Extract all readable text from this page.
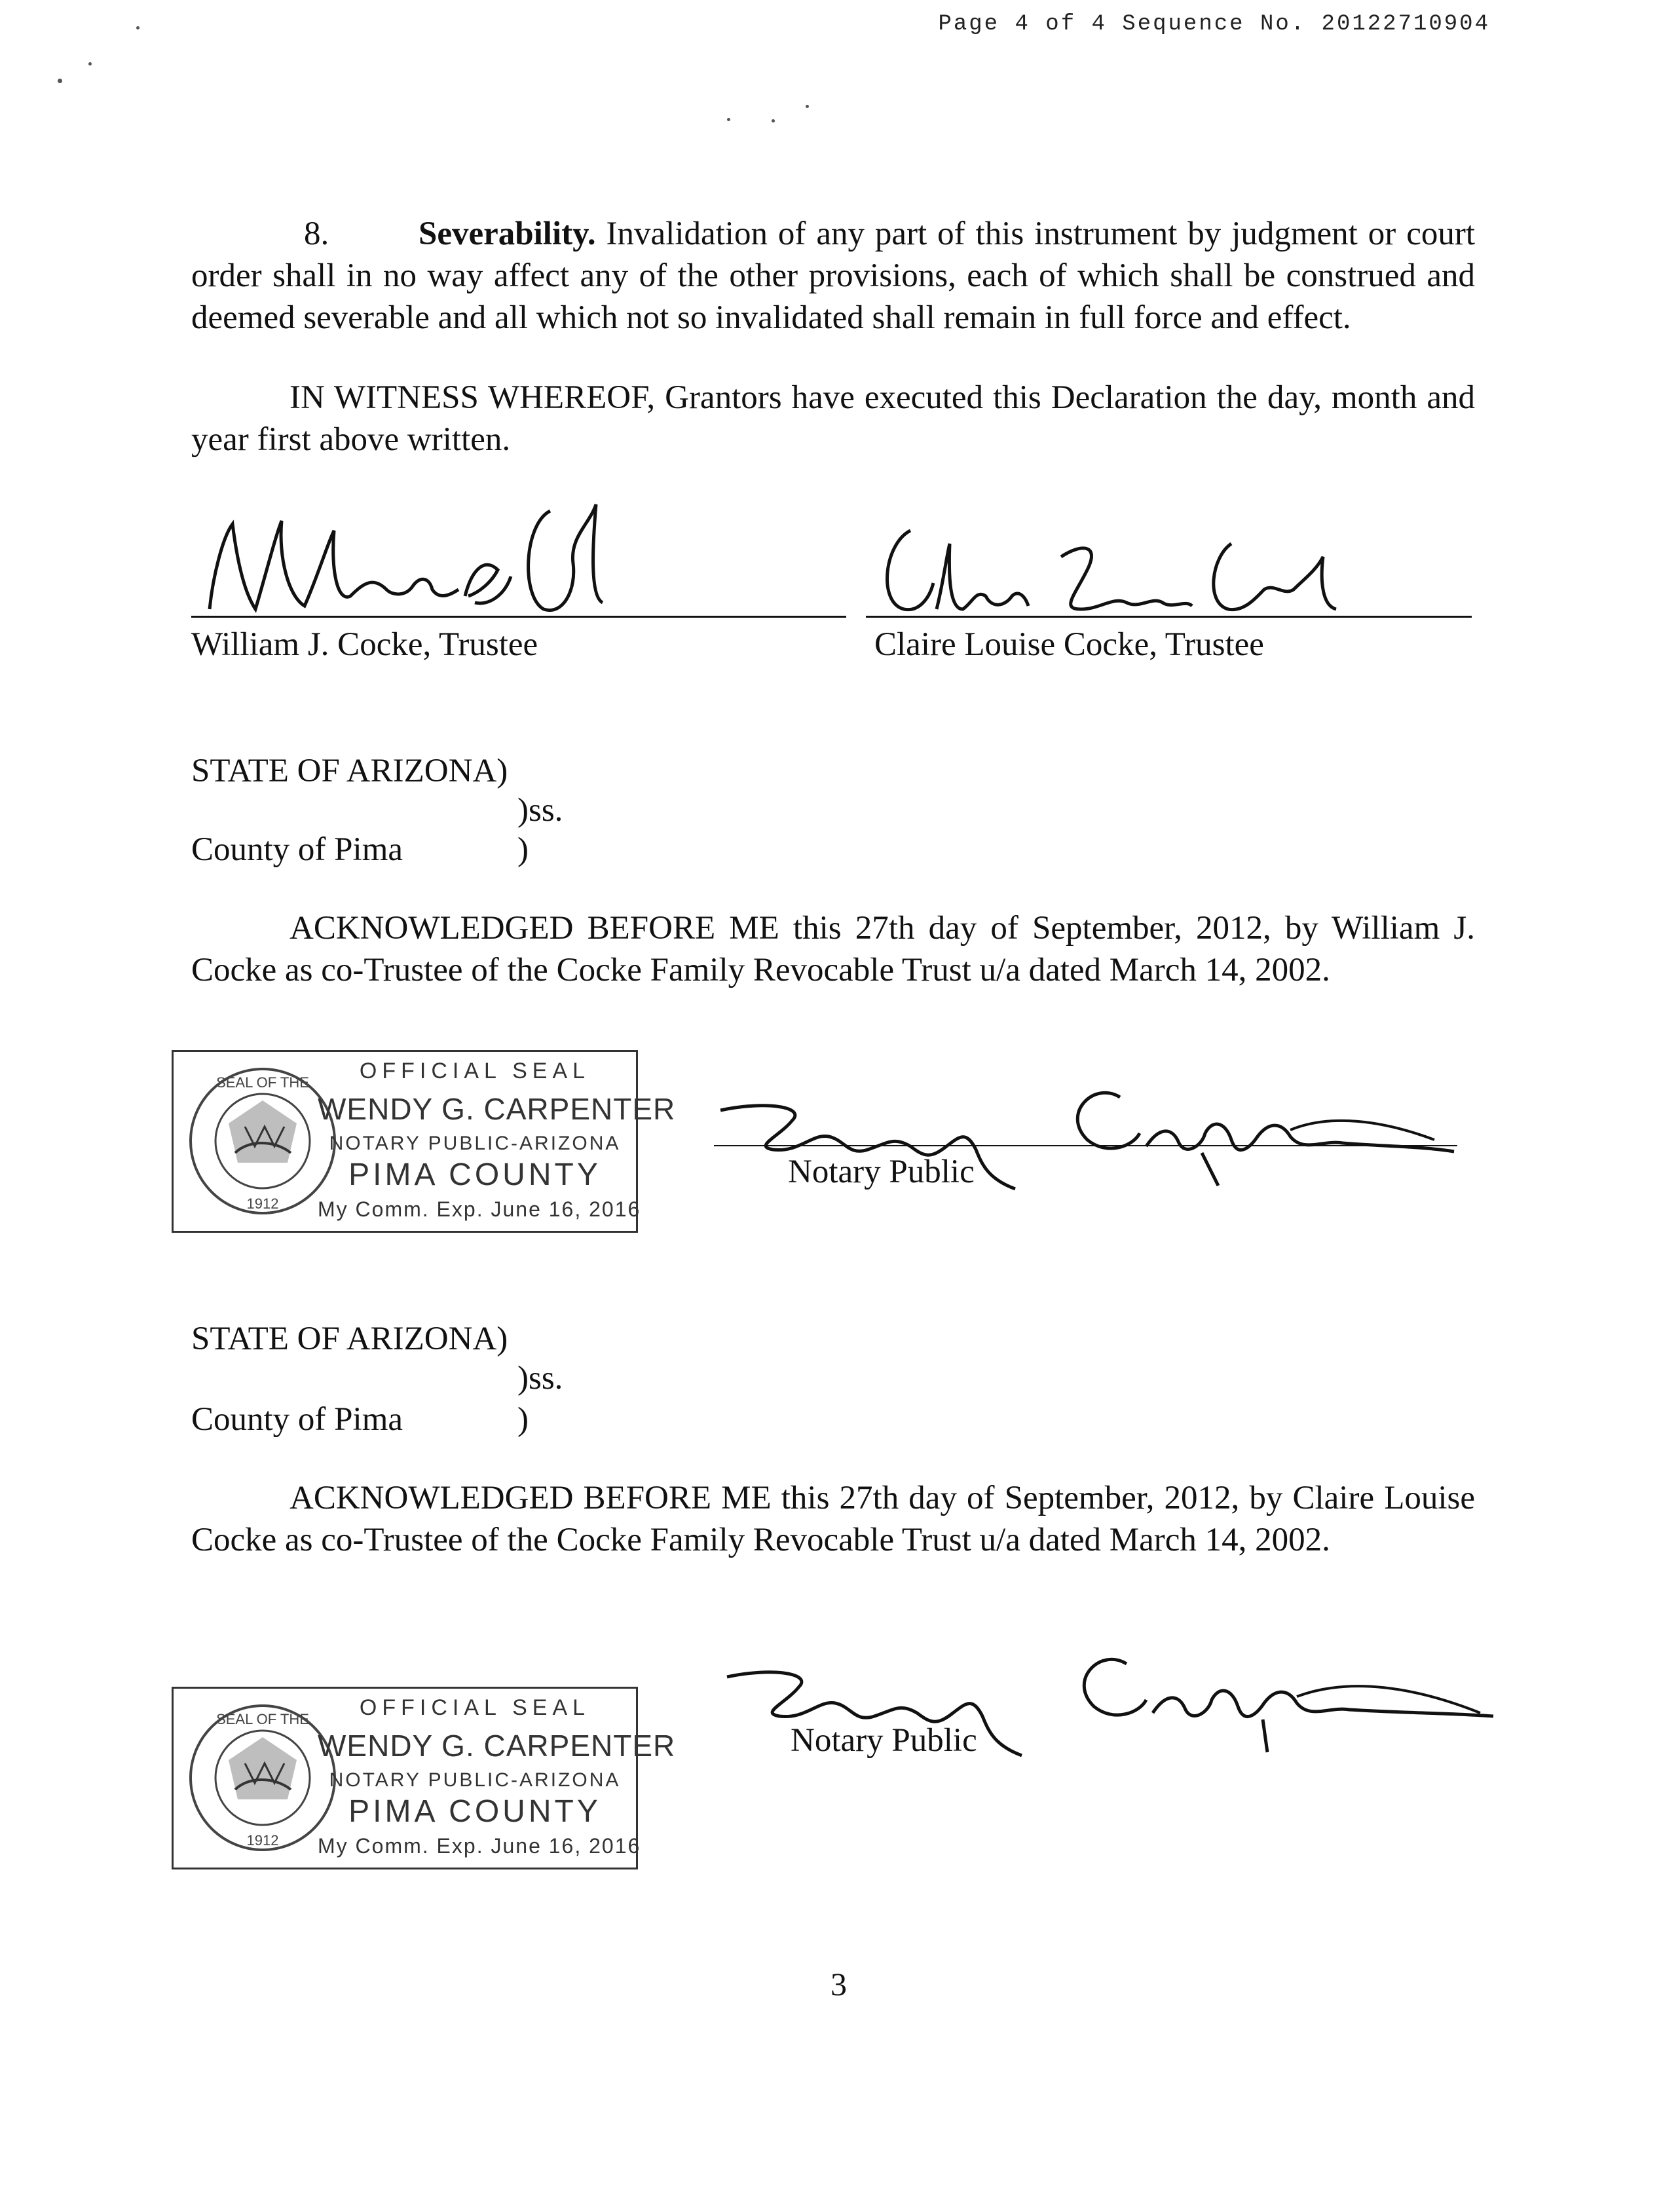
Page 4 of 4 Sequence No. 20122710904
8.	Severability. Invalidation of any part of this instrument by judgment or court order shall in no way affect any of the other provisions, each of which shall be construed and deemed severable and all which not so invalidated shall remain in full force and effect.
IN WITNESS WHEREOF, Grantors have executed this Declaration the day, month and year first above written.
William J. Cocke, Trustee	Claire Louise Cocke, Trustee
STATE OF ARIZONA)
)ss.
County of Pima	)
ACKNOWLEDGED BEFORE ME this 27th day of September, 2012, by William J. Cocke as co-Trustee of the Cocke Family Revocable Trust u/a dated March 14, 2002.
SEAL OF THE
1912
OFFICIAL SEAL
WENDY G. CARPENTER
NOTARY PUBLIC-ARIZONA
PIMA COUNTY
My Comm. Exp. June 16, 2016
Notary Public
STATE OF ARIZONA)
)ss.
County of Pima	)
ACKNOWLEDGED BEFORE ME this 27th day of September, 2012, by Claire Louise Cocke as co-Trustee of the Cocke Family Revocable Trust u/a dated March 14, 2002.
SEAL OF THE
1912
OFFICIAL SEAL
WENDY G. CARPENTER
NOTARY PUBLIC-ARIZONA
PIMA COUNTY
My Comm. Exp. June 16, 2016
Notary Public
3
